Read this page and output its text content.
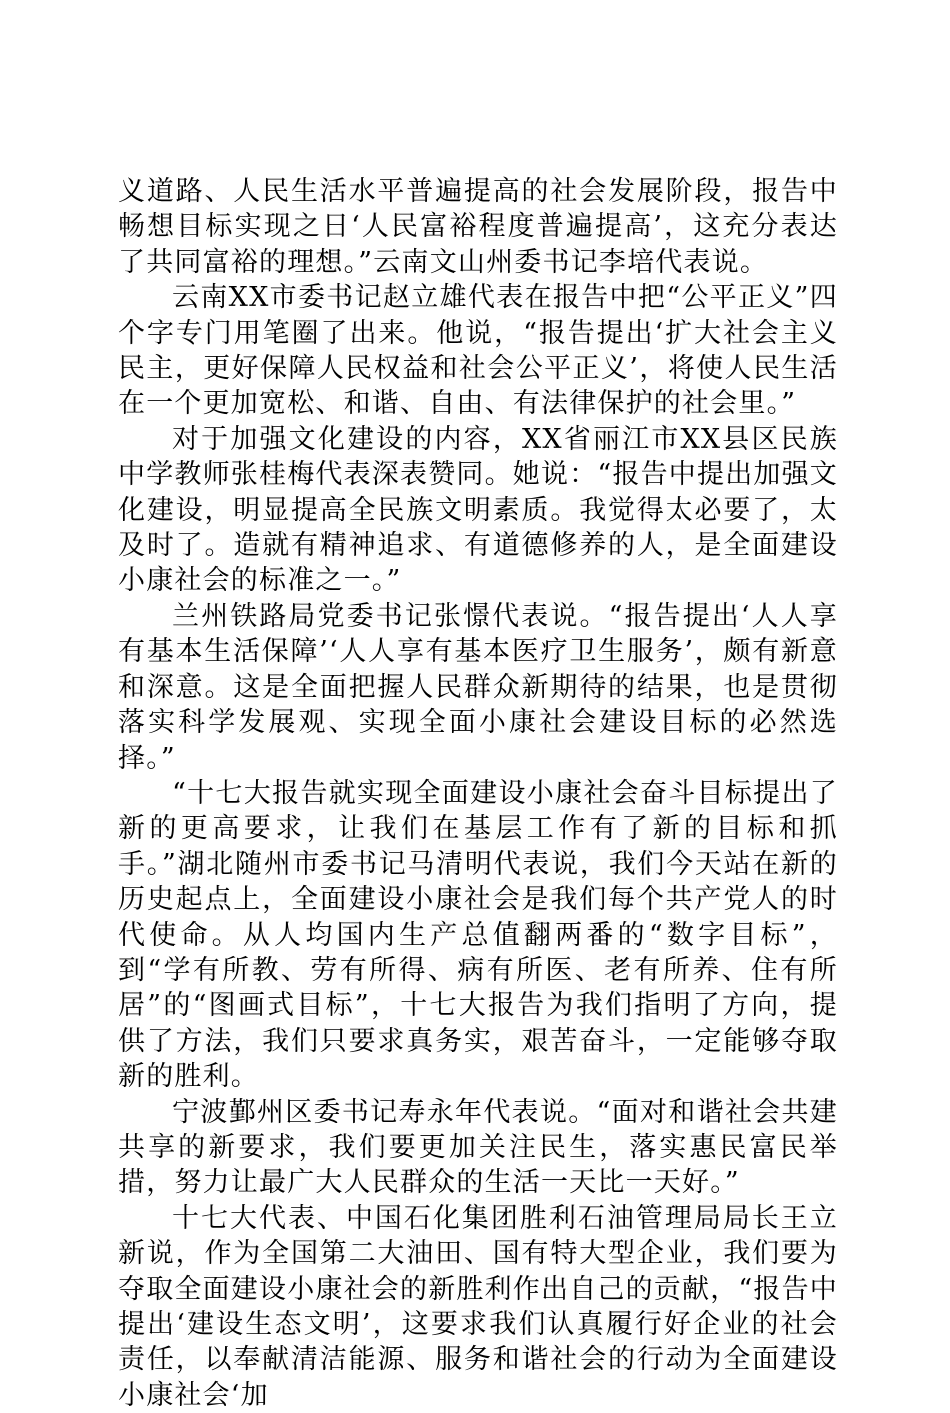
义道路、人民生活水平普遍提高的社会发展阶段，报告中畅想目标实现之日‘人民富裕程度普遍提高’，这充分表达了共同富裕的理想。”云南文山州委书记李培代表说。

云南XX市委书记赵立雄代表在报告中把“公平正义”四个字专门用笔圈了出来。他说，“报告提出‘扩大社会主义民主，更好保障人民权益和社会公平正义’，将使人民生活在一个更加宽松、和谐、自由、有法律保护的社会里。”

对于加强文化建设的内容，XX省丽江市XX县区民族中学教师张桂梅代表深表赞同。她说：“报告中提出加强文化建设，明显提高全民族文明素质。我觉得太必要了，太及时了。造就有精神追求、有道德修养的人，是全面建设小康社会的标准之一。”

兰州铁路局党委书记张憬代表说。“报告提出‘人人享有基本生活保障’‘人人享有基本医疗卫生服务’，颇有新意和深意。这是全面把握人民群众新期待的结果，也是贯彻落实科学发展观、实现全面小康社会建设目标的必然选择。”

“十七大报告就实现全面建设小康社会奋斗目标提出了新的更高要求，让我们在基层工作有了新的目标和抓手。”湖北随州市委书记马清明代表说，我们今天站在新的历史起点上，全面建设小康社会是我们每个共产党人的时代使命。从人均国内生产总值翻两番的“数字目标”，到“学有所教、劳有所得、病有所医、老有所养、住有所居”的“图画式目标”，十七大报告为我们指明了方向，提供了方法，我们只要求真务实，艰苦奋斗，一定能够夺取新的胜利。

宁波鄞州区委书记寿永年代表说。“面对和谐社会共建共享的新要求，我们要更加关注民生，落实惠民富民举措，努力让最广大人民群众的生活一天比一天好。”

十七大代表、中国石化集团胜利石油管理局局长王立新说，作为全国第二大油田、国有特大型企业，我们要为夺取全面建设小康社会的新胜利作出自己的贡献，“报告中提出‘建设生态文明’，这要求我们认真履行好企业的社会责任，以奉献清洁能源、服务和谐社会的行动为全面建设小康社会‘加
